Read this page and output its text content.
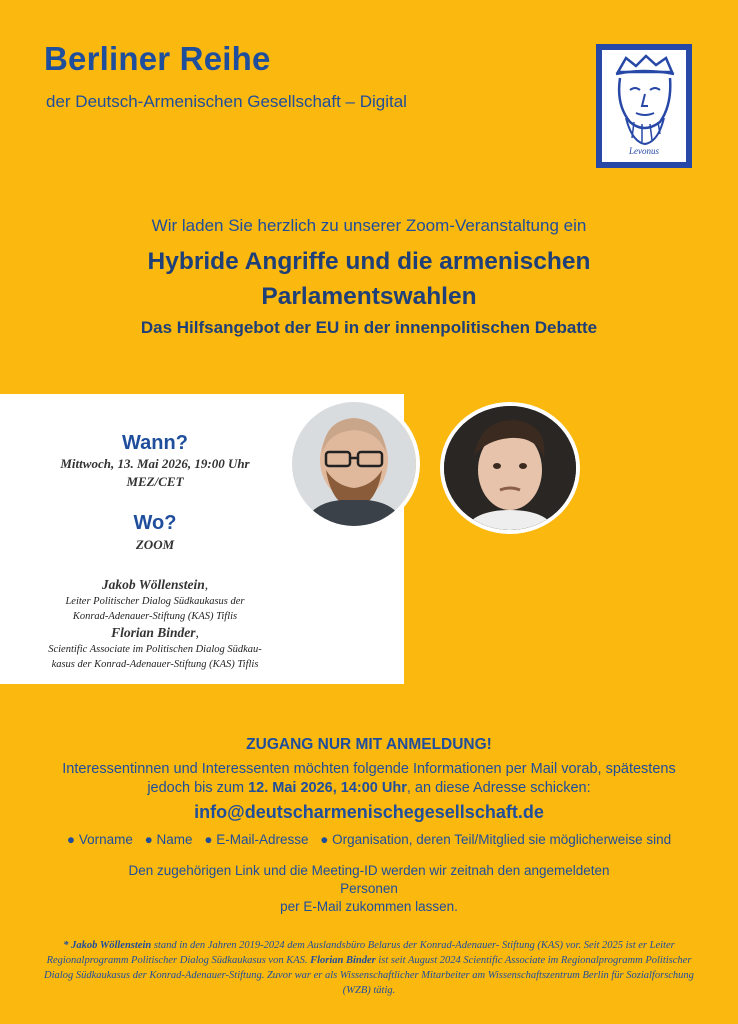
Berliner Reihe
der Deutsch-Armenischen Gesellschaft – Digital
Levonus
Wir laden Sie herzlich zu unserer Zoom-Veranstaltung ein
Hybride Angriffe und die armenischen
Parlamentswahlen
Das Hilfsangebot der EU in der innenpolitischen Debatte
Wann?
Mittwoch, 13. Mai 2026, 19:00 Uhr
MEZ/CET
Wo?
ZOOM
Jakob Wöllenstein,
Leiter Politischer Dialog Südkaukasus der
Konrad-Adenauer-Stiftung (KAS) Tiflis
Florian Binder,
Scientific Associate im Politischen Dialog Südkau-
kasus der Konrad-Adenauer-Stiftung (KAS) Tiflis
ZUGANG NUR MIT ANMELDUNG!
Interessentinnen und Interessenten möchten folgende Informationen per Mail vorab, spätestens jedoch bis zum 12. Mai 2026, 14:00 Uhr, an diese Adresse schicken:
info@deutscharmenischegesellschaft.de
● Vorname ● Name ● E-Mail-Adresse ● Organisation, deren Teil/Mitglied sie möglicherweise sind
Den zugehörigen Link und die Meeting-ID werden wir zeitnah den angemeldeten Personen
per E-Mail zukommen lassen.
* Jakob Wöllenstein stand in den Jahren 2019-2024 dem Auslandsbüro Belarus der Konrad-Adenauer- Stiftung (KAS) vor. Seit 2025 ist er Leiter Regionalprogramm Politischer Dialog Südkaukasus von KAS. Florian Binder ist seit August 2024 Scientific Associate im Regionalprogramm Politischer Dialog Südkaukasus der Konrad-Adenauer-Stiftung. Zuvor war er als Wissenschaftlicher Mitarbeiter am Wissenschaftszentrum Berlin für Sozialforschung (WZB) tätig.
